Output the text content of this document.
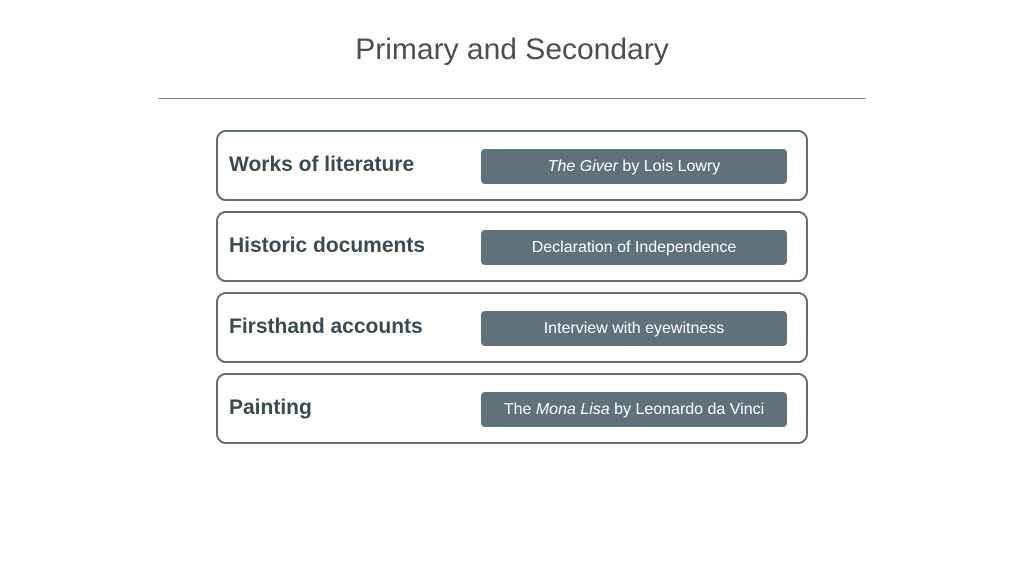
Primary and Secondary
Works of literature	The Giver by Lois Lowry
Historic documents	Declaration of Independence
Firsthand accounts	Interview with eyewitness
Painting	The Mona Lisa by Leonardo da Vinci
